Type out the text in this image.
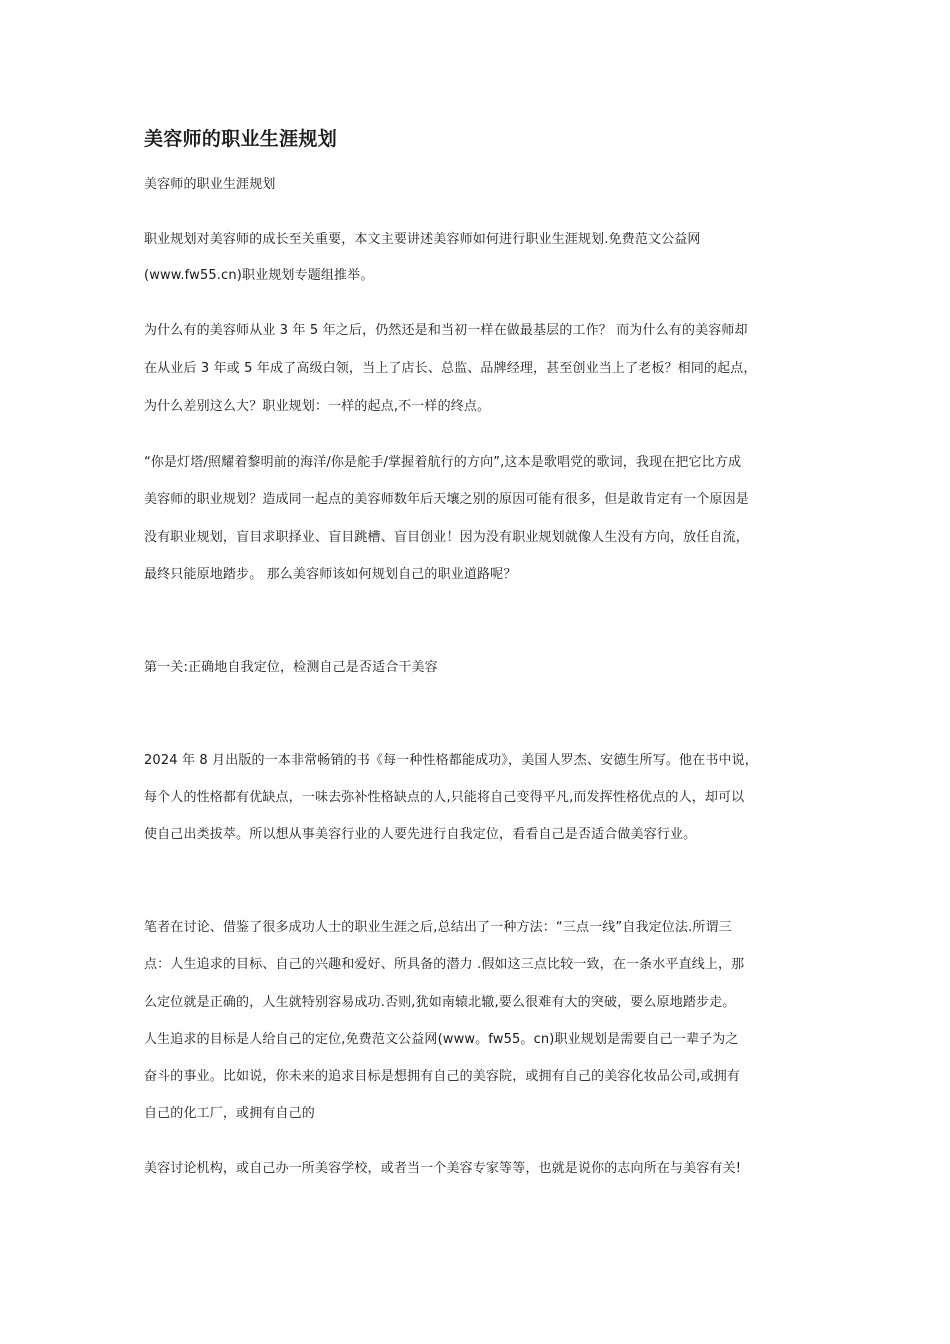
美容师的职业生涯规划

美容师的职业生涯规划

职业规划对美容师的成长至关重要，本文主要讲述美容师如何进行职业生涯规划.免费范文公益网

(www.fw55.cn)职业规划专题组推举。

为什么有的美容师从业 3 年 5 年之后，仍然还是和当初一样在做最基层的工作？ 而为什么有的美容师却

在从业后 3 年或 5 年成了高级白领，当上了店长、总监、品牌经理，甚至创业当上了老板？相同的起点，

为什么差别这么大？职业规划：一样的起点,不一样的终点。

“你是灯塔/照耀着黎明前的海洋/你是舵手/掌握着航行的方向”,这本是歌唱党的歌词，我现在把它比方成

美容师的职业规划？造成同一起点的美容师数年后天壤之别的原因可能有很多，但是敢肯定有一个原因是

没有职业规划，盲目求职择业、盲目跳槽、盲目创业！因为没有职业规划就像人生没有方向，放任自流，

最终只能原地踏步。 那么美容师该如何规划自己的职业道路呢？

第一关:正确地自我定位，检测自己是否适合干美容

2024 年 8 月出版的一本非常畅销的书《每一种性格都能成功》，美国人罗杰、安德生所写。他在书中说，

每个人的性格都有优缺点，一味去弥补性格缺点的人,只能将自己变得平凡,而发挥性格优点的人，却可以

使自己出类拔萃。所以想从事美容行业的人要先进行自我定位，看看自己是否适合做美容行业。

笔者在讨论、借鉴了很多成功人士的职业生涯之后,总结出了一种方法：“三点一线”自我定位法.所谓三

点：人生追求的目标、自己的兴趣和爱好、所具备的潜力 .假如这三点比较一致，在一条水平直线上，那

么定位就是正确的，人生就特别容易成功.否则,犹如南辕北辙,要么很难有大的突破，要么原地踏步走。

人生追求的目标是人给自己的定位,免费范文公益网(www。fw55。cn)职业规划是需要自己一辈子为之

奋斗的事业。比如说，你未来的追求目标是想拥有自己的美容院，或拥有自己的美容化妆品公司,或拥有

自己的化工厂，或拥有自己的

美容讨论机构，或自己办一所美容学校，或者当一个美容专家等等，也就是说你的志向所在与美容有关!
